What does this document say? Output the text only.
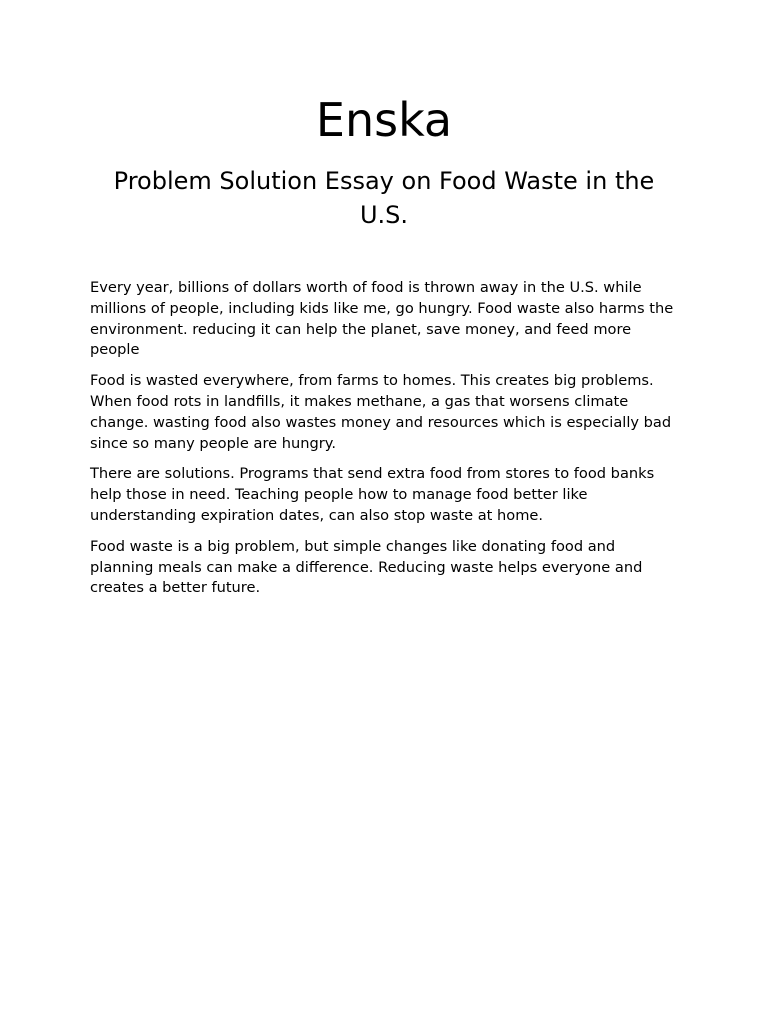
Enska
Problem Solution Essay on Food Waste in the U.S.

Every year, billions of dollars worth of food is thrown away in the U.S. while millions of people, including kids like me, go hungry. Food waste also harms the environment. reducing it can help the planet, save money, and feed more people

Food is wasted everywhere, from farms to homes. This creates big problems. When food rots in landfills, it makes methane, a gas that worsens climate change. wasting food also wastes money and resources which is especially bad since so many people are hungry.

There are solutions. Programs that send extra food from stores to food banks help those in need. Teaching people how to manage food better like understanding expiration dates, can also stop waste at home.

Food waste is a big problem, but simple changes like donating food and planning meals can make a difference. Reducing waste helps everyone and creates a better future.
